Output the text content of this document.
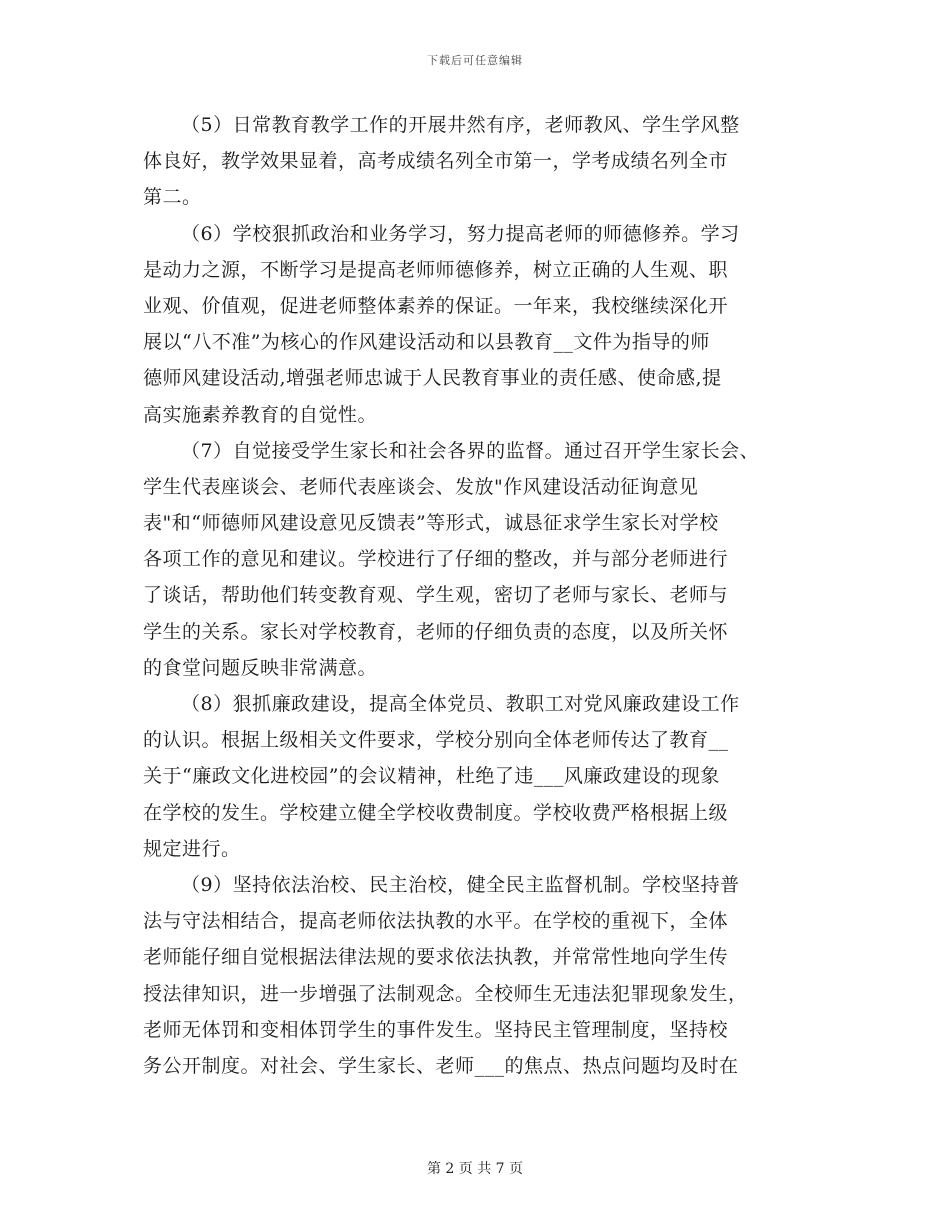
下载后可任意编辑
（5）日常教育教学工作的开展井然有序，老师教风、学生学风整
体良好，教学效果显着，高考成绩名列全市第一，学考成绩名列全市
第二。
（6）学校狠抓政治和业务学习，努力提高老师的师德修养。学习
是动力之源，不断学习是提高老师师德修养，树立正确的人生观、职
业观、价值观，促进老师整体素养的保证。一年来，我校继续深化开
展以“八不准”为核心的作风建设活动和以县教育__文件为指导的师
德师风建设活动,增强老师忠诚于人民教育事业的责任感、使命感,提
高实施素养教育的自觉性。
（7）自觉接受学生家长和社会各界的监督。通过召开学生家长会、
学生代表座谈会、老师代表座谈会、发放"作风建设活动征询意见
表"和“师德师风建设意见反馈表”等形式，诚恳征求学生家长对学校
各项工作的意见和建议。学校进行了仔细的整改，并与部分老师进行
了谈话，帮助他们转变教育观、学生观，密切了老师与家长、老师与
学生的关系。家长对学校教育，老师的仔细负责的态度，以及所关怀
的食堂问题反映非常满意。
（8）狠抓廉政建设，提高全体党员、教职工对党风廉政建设工作
的认识。根据上级相关文件要求，学校分别向全体老师传达了教育__
关于“廉政文化进校园”的会议精神，杜绝了违___风廉政建设的现象
在学校的发生。学校建立健全学校收费制度。学校收费严格根据上级
规定进行。
（9）坚持依法治校、民主治校，健全民主监督机制。学校坚持普
法与守法相结合，提高老师依法执教的水平。在学校的重视下，全体
老师能仔细自觉根据法律法规的要求依法执教，并常常性地向学生传
授法律知识，进一步增强了法制观念。全校师生无违法犯罪现象发生，
老师无体罚和变相体罚学生的事件发生。坚持民主管理制度，坚持校
务公开制度。对社会、学生家长、老师___的焦点、热点问题均及时在
第 2 页 共 7 页
